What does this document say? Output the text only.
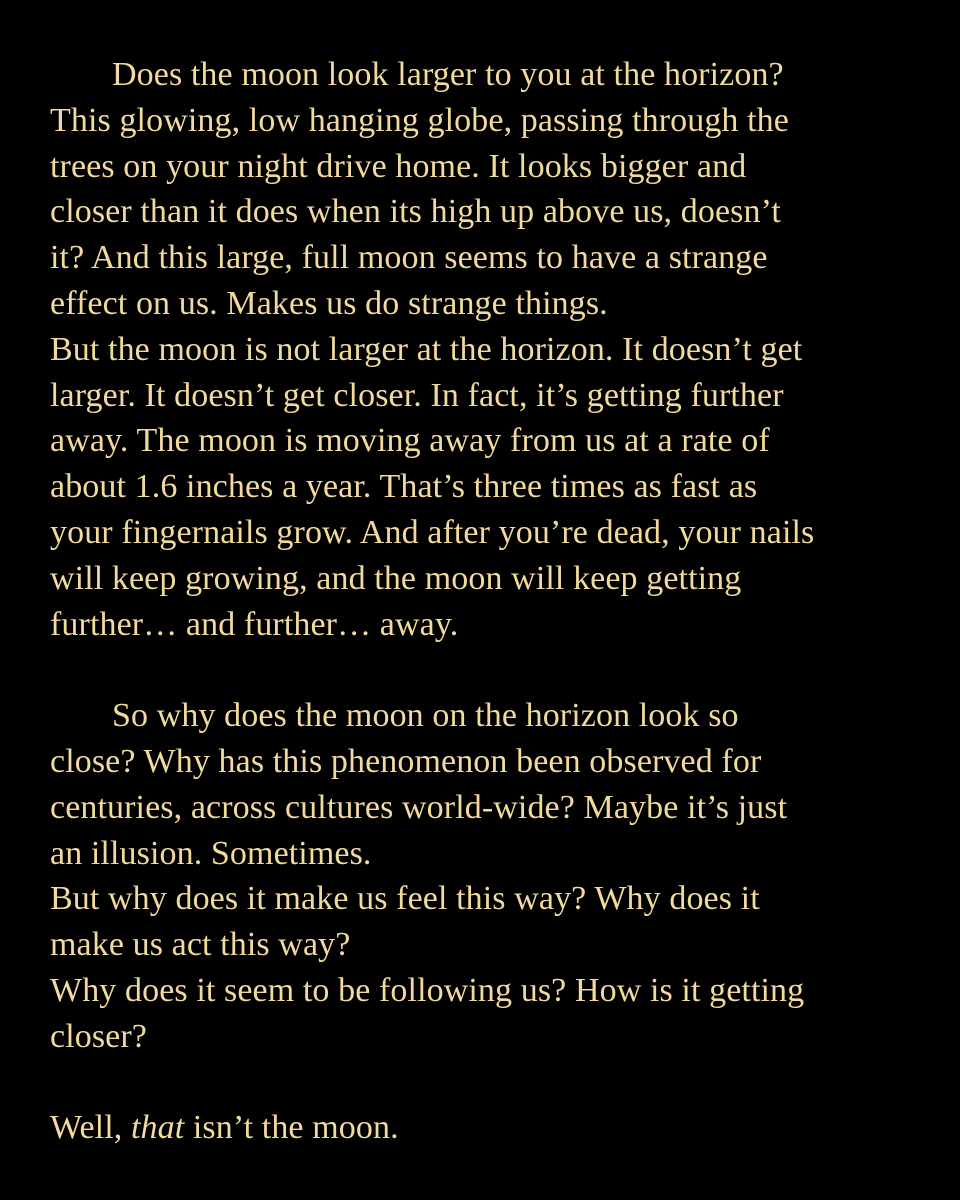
Does the moon look larger to you at the horizon?
This glowing, low hanging globe, passing through the
trees on your night drive home. It looks bigger and
closer than it does when its high up above us, doesn’t
it? And this large, full moon seems to have a strange
effect on us. Makes us do strange things.
But the moon is not larger at the horizon. It doesn’t get
larger. It doesn’t get closer. In fact, it’s getting further
away. The moon is moving away from us at a rate of
about 1.6 inches a year. That’s three times as fast as
your fingernails grow. And after you’re dead, your nails
will keep growing, and the moon will keep getting
further… and further… away.
So why does the moon on the horizon look so
close? Why has this phenomenon been observed for
centuries, across cultures world-wide? Maybe it’s just
an illusion. Sometimes.
But why does it make us feel this way? Why does it
make us act this way?
Why does it seem to be following us? How is it getting
closer?
Well, that isn’t the moon.
